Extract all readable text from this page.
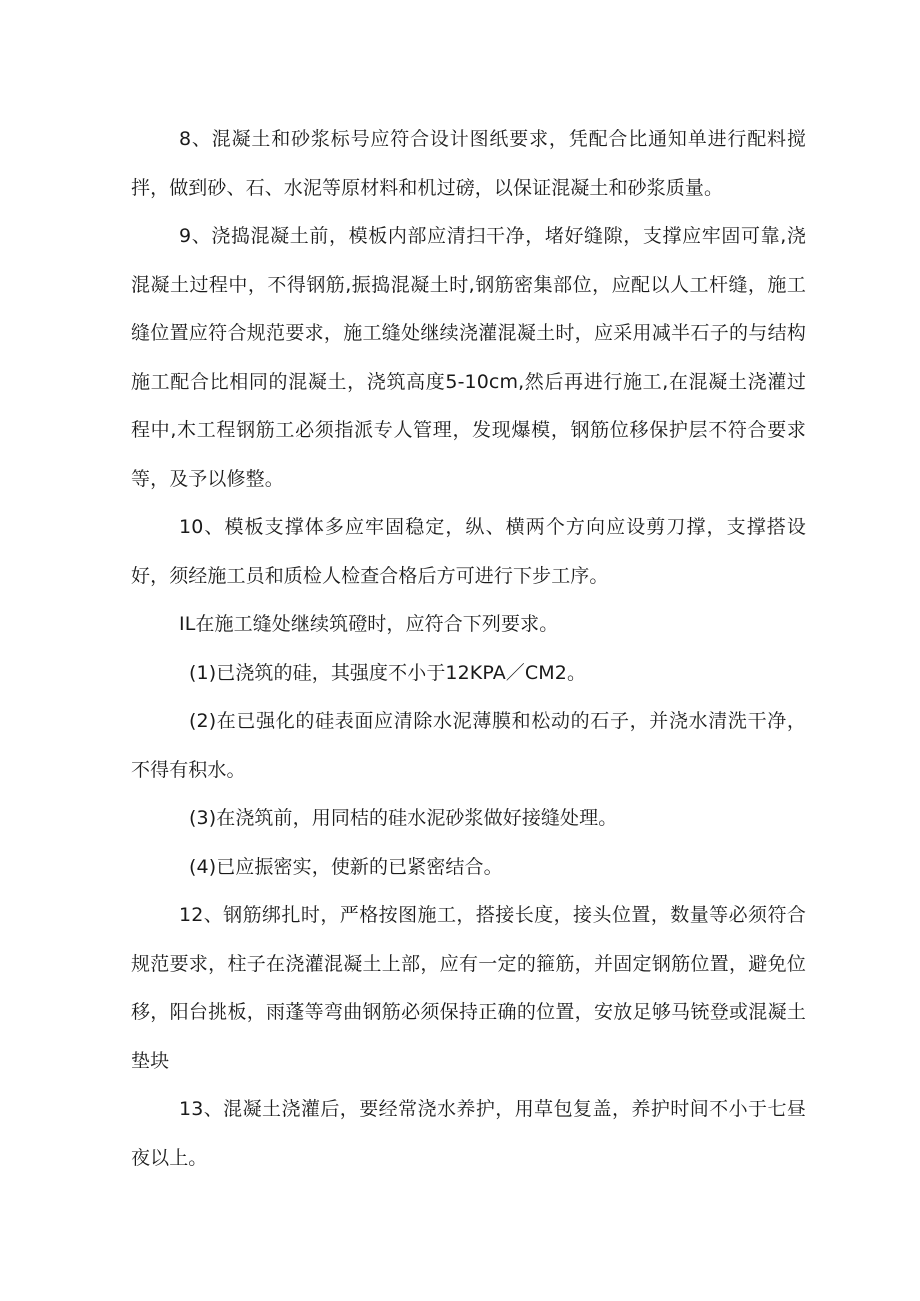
8、混凝土和砂浆标号应符合设计图纸要求，凭配合比通知单进行配料搅拌，做到砂、石、水泥等原材料和机过磅，以保证混凝土和砂浆质量。

9、浇捣混凝土前，模板内部应清扫干净，堵好缝隙，支撑应牢固可靠,浇混凝土过程中，不得钢筋,振捣混凝土时,钢筋密集部位，应配以人工杆缝，施工缝位置应符合规范要求，施工缝处继续浇灌混凝土时，应采用减半石子的与结构施工配合比相同的混凝土，浇筑高度5-10cm,然后再进行施工,在混凝土浇灌过程中,木工程钢筋工必须指派专人管理，发现爆模，钢筋位移保护层不符合要求等，及予以修整。

10、模板支撑体多应牢固稳定，纵、横两个方向应设剪刀撑，支撑搭设好，须经施工员和质检人检查合格后方可进行下步工序。

IL在施工缝处继续筑磴时，应符合下列要求。

(1)已浇筑的硅，其强度不小于12KPA／CM2。

(2)在已强化的硅表面应清除水泥薄膜和松动的石子，并浇水清洗干净，不得有积水。

(3)在浇筑前，用同桔的硅水泥砂浆做好接缝处理。

(4)已应振密实，使新的已紧密结合。

12、钢筋绑扎时，严格按图施工，搭接长度，接头位置，数量等必须符合规范要求，柱子在浇灌混凝土上部，应有一定的箍筋，并固定钢筋位置，避免位移，阳台挑板，雨蓬等弯曲钢筋必须保持正确的位置，安放足够马铳登或混凝土垫块

13、混凝土浇灌后，要经常浇水养护，用草包复盖，养护时间不小于七昼夜以上。
